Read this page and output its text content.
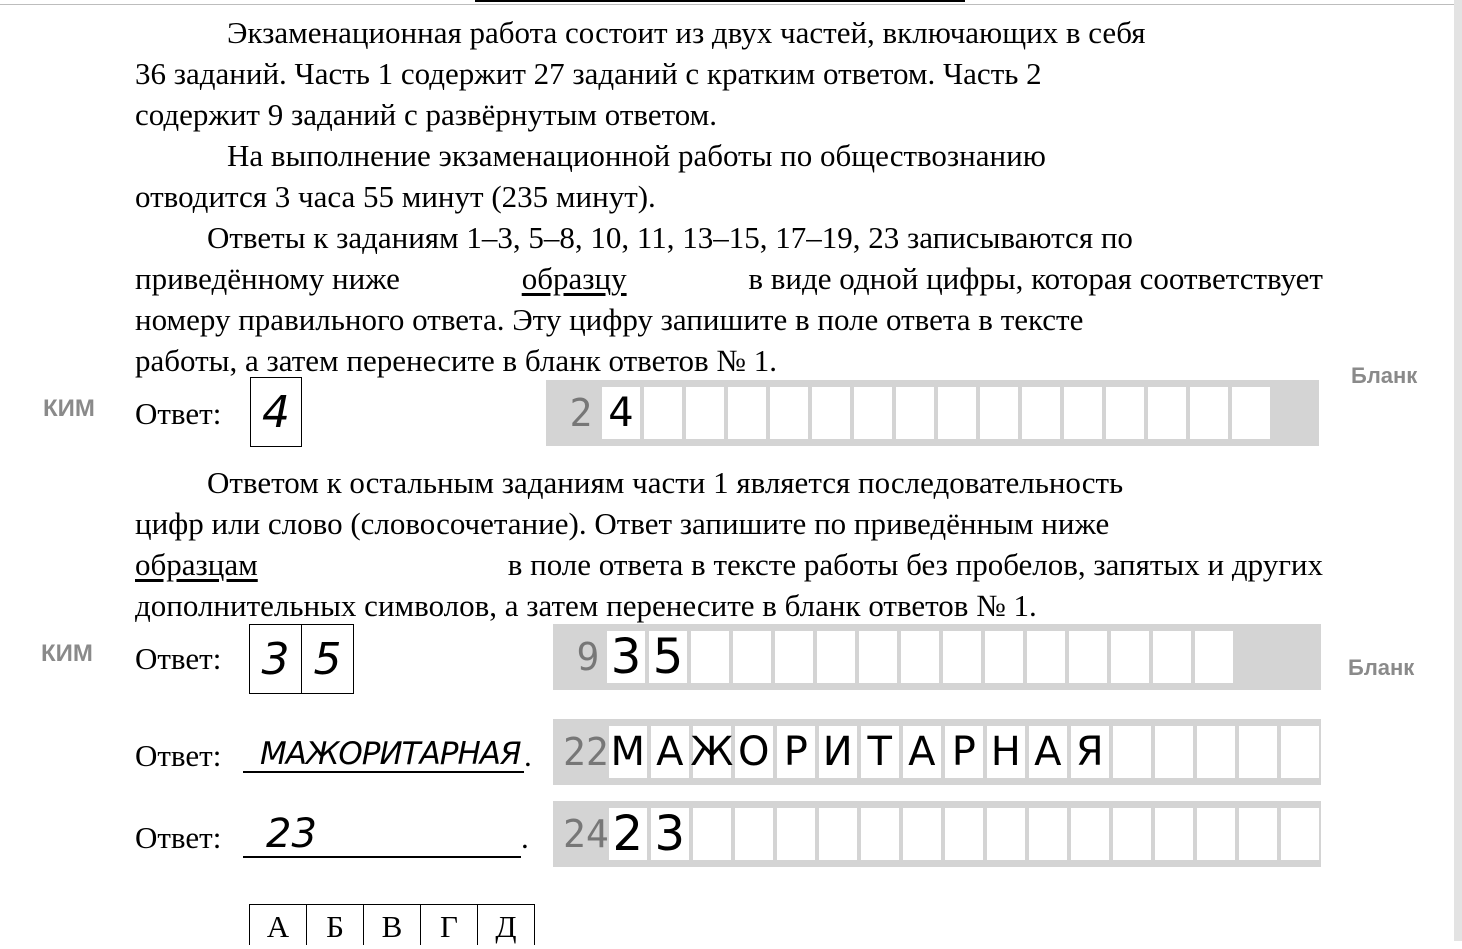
Экзаменационная работа состоит из двух частей, включающих в себя
36 заданий. Часть 1 содержит 27 заданий с кратким ответом. Часть 2
содержит 9 заданий с развёрнутым ответом.
На выполнение экзаменационной работы по обществознанию
отводится 3 часа 55 минут (235 минут).
Ответы к заданиям 1–3, 5–8, 10, 11, 13–15, 17–19, 23 записываются по
приведённому ниже	образцу	в виде одной цифры, которая соответствует
номеру правильного ответа. Эту цифру запишите в поле ответа в тексте
работы, а затем перенесите в бланк ответов № 1.
КИМ
Бланк
Ответ: 4	2 4
Ответом к остальным заданиям части 1 является последовательность
цифр или слово (словосочетание). Ответ запишите по приведённым ниже
образцам	в поле ответа в тексте работы без пробелов, запятых и других
дополнительных символов, а затем перенесите в бланк ответов № 1.
КИМ
Бланк
Ответ: 3 5	9 3 5
Ответ: МАЖОРИТАРНАЯ . 22 М А Ж О Р И Т А Р Н А Я
Ответ: 23	. 24 2 3
А	Б	В	Г	Д
